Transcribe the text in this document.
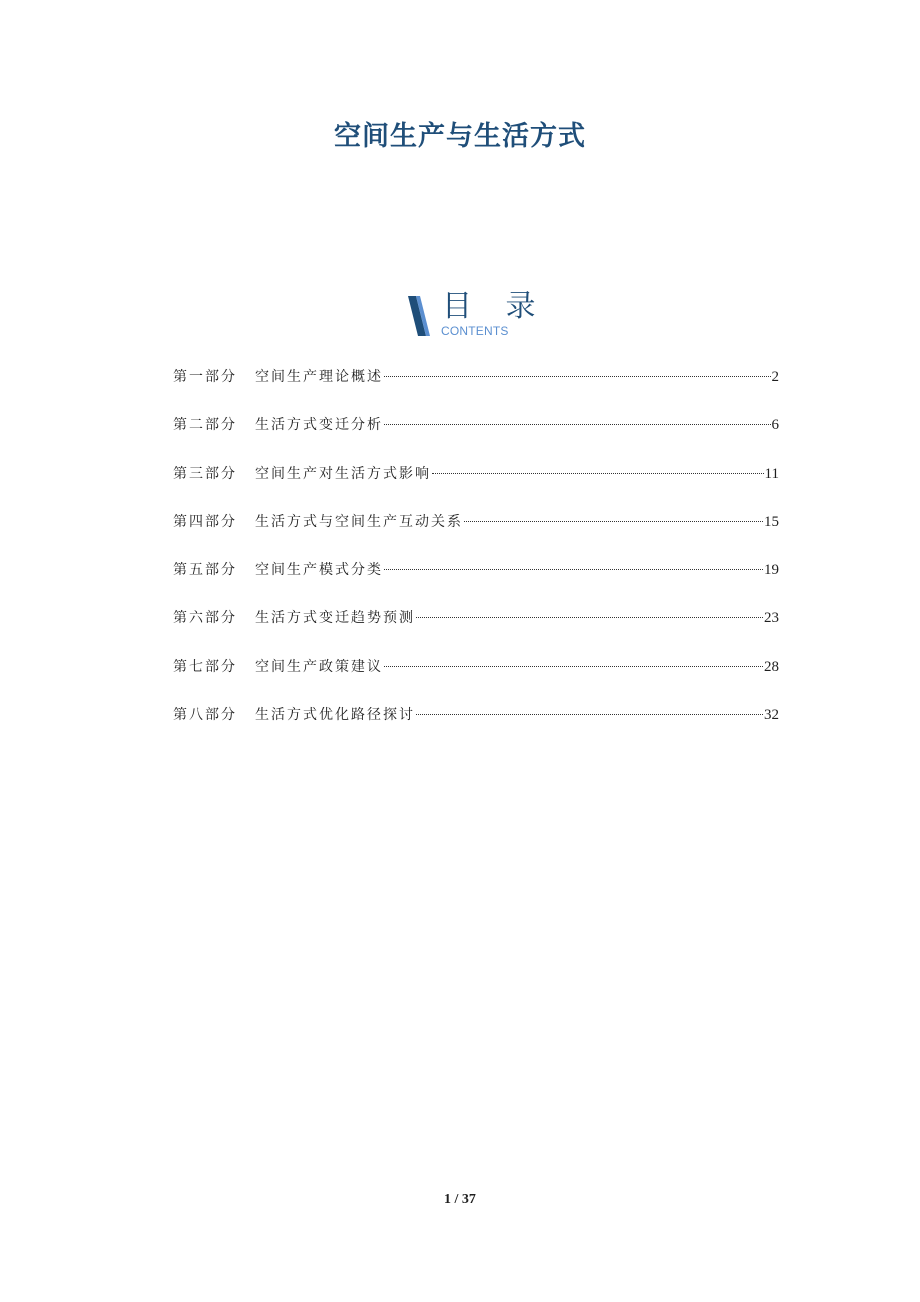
空间生产与生活方式
目 录
CONTENTS
第一部分	空间生产理论概述	2
第二部分	生活方式变迁分析	6
第三部分	空间生产对生活方式影响	11
第四部分	生活方式与空间生产互动关系	15
第五部分	空间生产模式分类	19
第六部分	生活方式变迁趋势预测	23
第七部分	空间生产政策建议	28
第八部分	生活方式优化路径探讨	32
1 / 37
